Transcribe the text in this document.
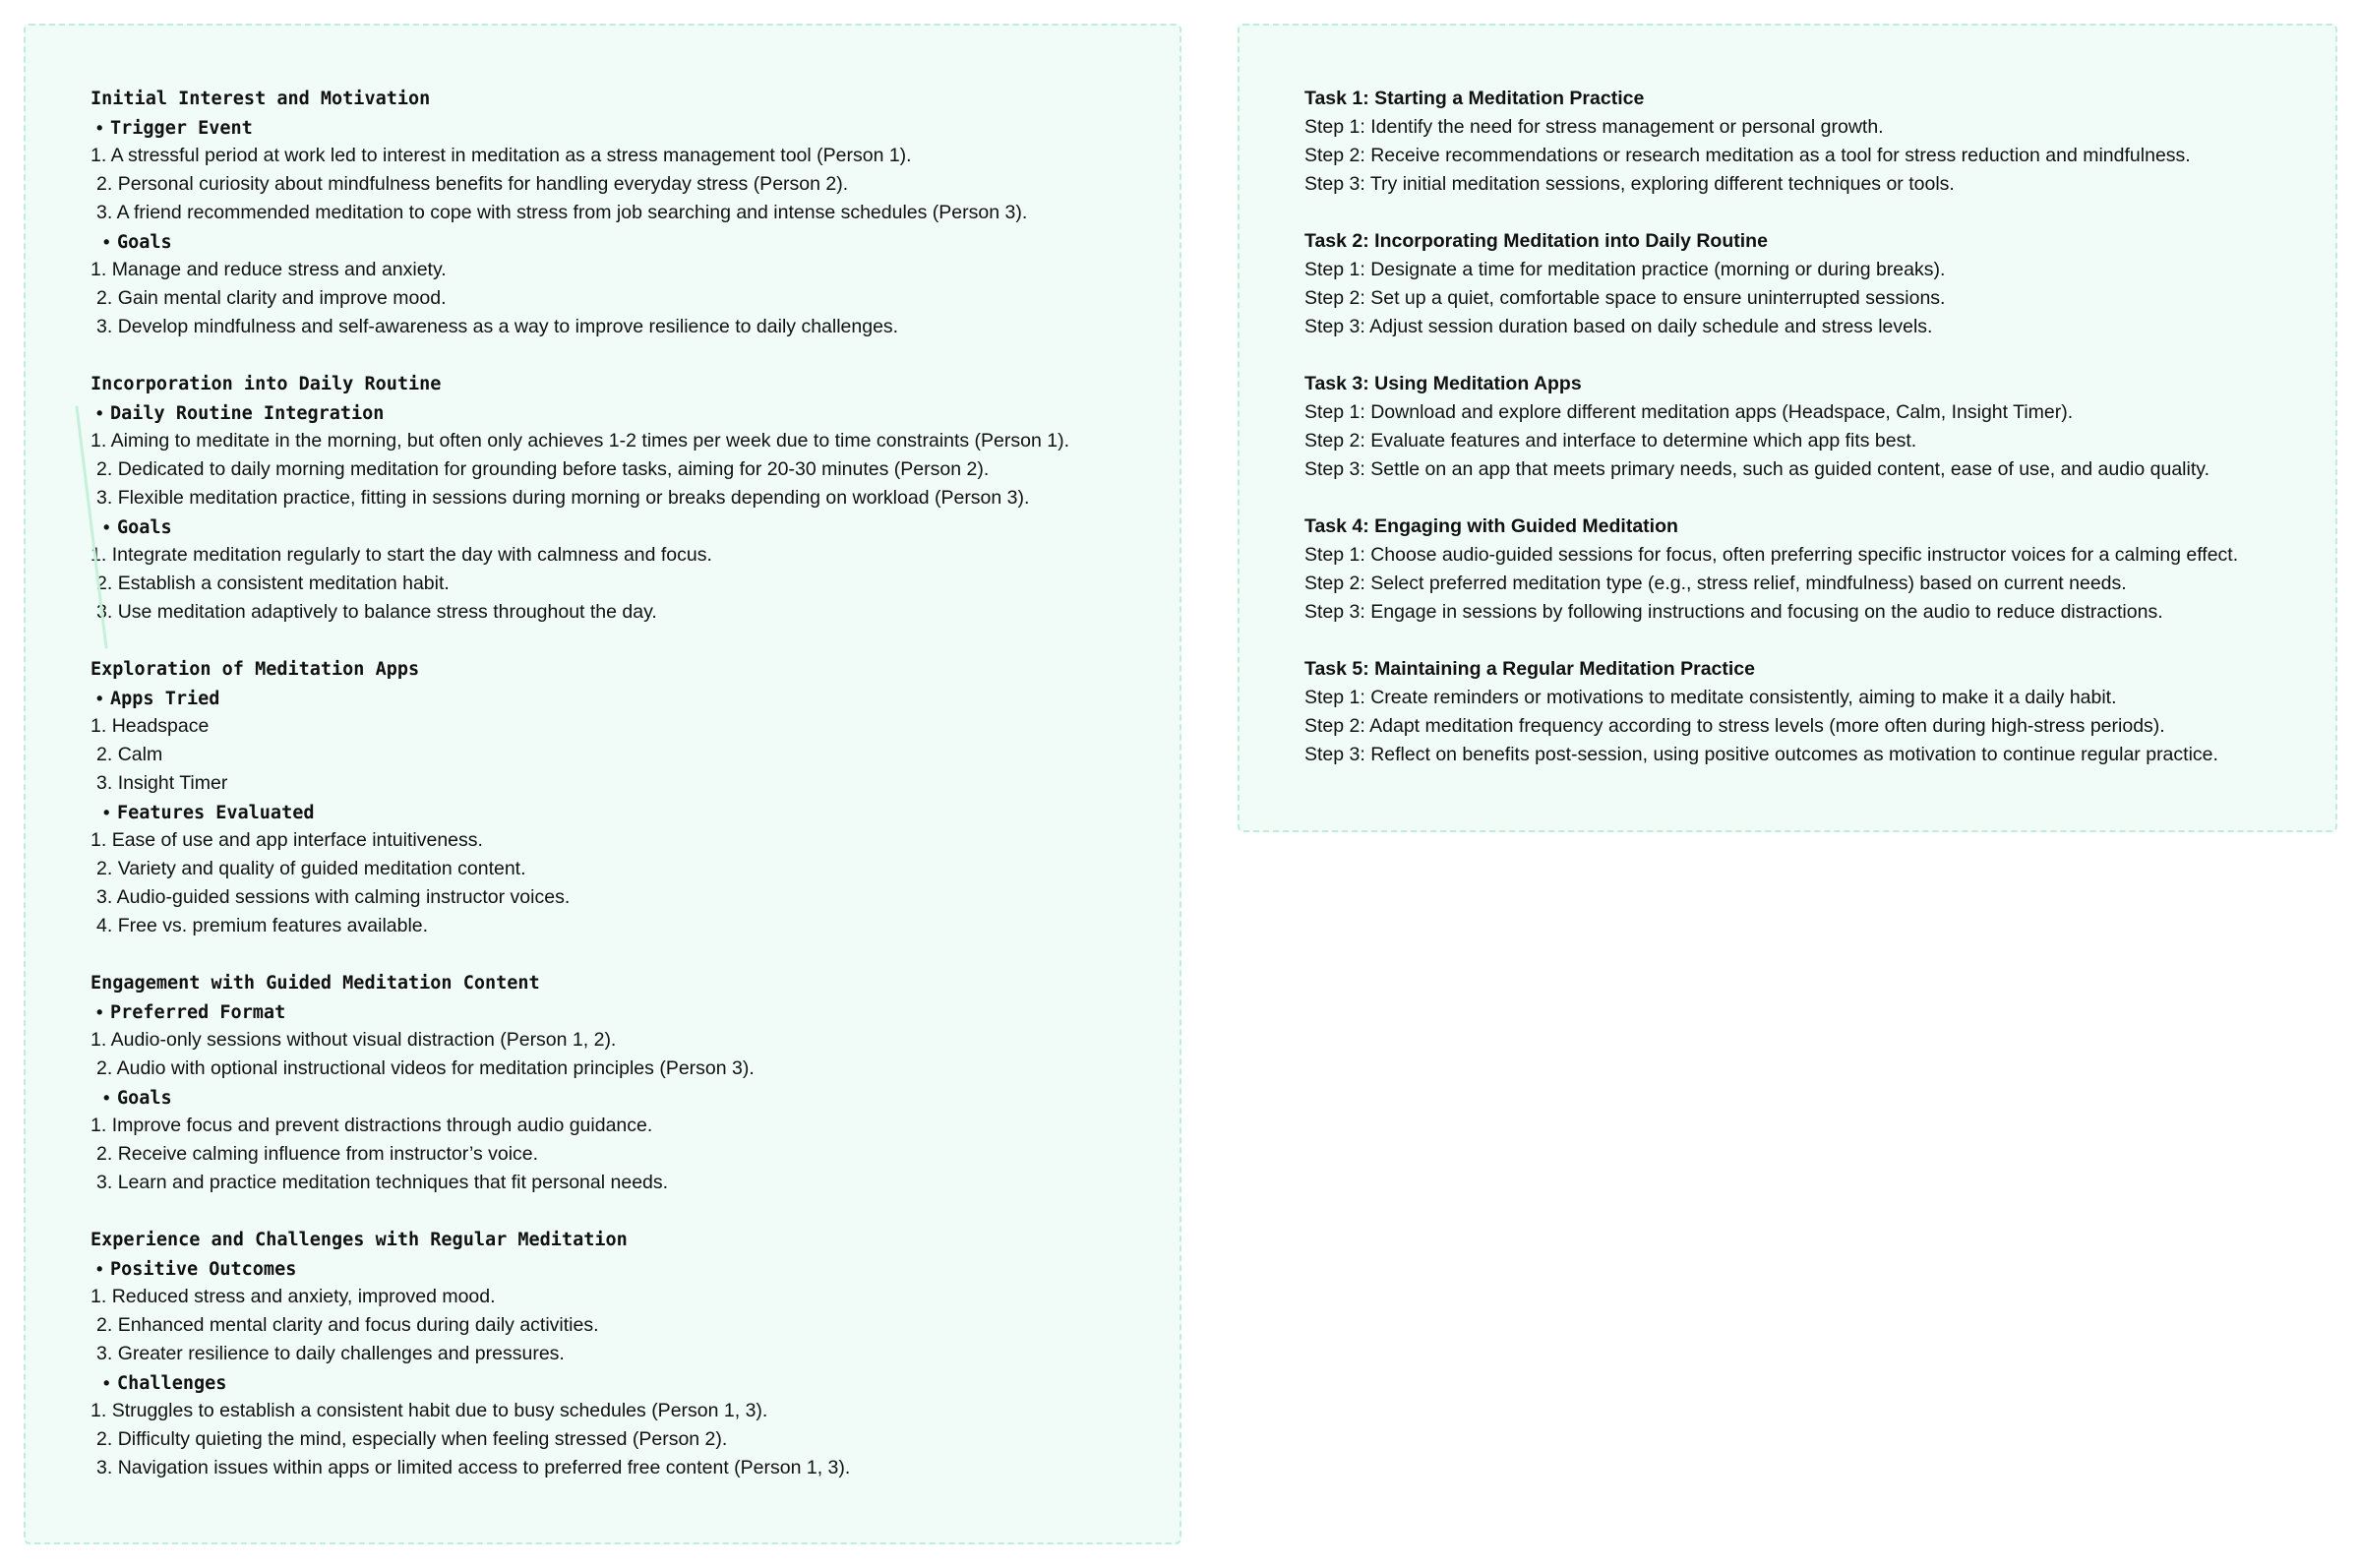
Initial Interest and Motivation
• Trigger Event
1. A stressful period at work led to interest in meditation as a stress management tool (Person 1).
2. Personal curiosity about mindfulness benefits for handling everyday stress (Person 2).
3. A friend recommended meditation to cope with stress from job searching and intense schedules (Person 3).
• Goals
1. Manage and reduce stress and anxiety.
2. Gain mental clarity and improve mood.
3. Develop mindfulness and self-awareness as a way to improve resilience to daily challenges.
Incorporation into Daily Routine
• Daily Routine Integration
1. Aiming to meditate in the morning, but often only achieves 1-2 times per week due to time constraints (Person 1).
2. Dedicated to daily morning meditation for grounding before tasks, aiming for 20-30 minutes (Person 2).
3. Flexible meditation practice, fitting in sessions during morning or breaks depending on workload (Person 3).
• Goals
1. Integrate meditation regularly to start the day with calmness and focus.
2. Establish a consistent meditation habit.
3. Use meditation adaptively to balance stress throughout the day.
Exploration of Meditation Apps
• Apps Tried
1. Headspace
2. Calm
3. Insight Timer
• Features Evaluated
1. Ease of use and app interface intuitiveness.
2. Variety and quality of guided meditation content.
3. Audio-guided sessions with calming instructor voices.
4. Free vs. premium features available.
Engagement with Guided Meditation Content
• Preferred Format
1. Audio-only sessions without visual distraction (Person 1, 2).
2. Audio with optional instructional videos for meditation principles (Person 3).
• Goals
1. Improve focus and prevent distractions through audio guidance.
2. Receive calming influence from instructor’s voice.
3. Learn and practice meditation techniques that fit personal needs.
Experience and Challenges with Regular Meditation
• Positive Outcomes
1. Reduced stress and anxiety, improved mood.
2. Enhanced mental clarity and focus during daily activities.
3. Greater resilience to daily challenges and pressures.
• Challenges
1. Struggles to establish a consistent habit due to busy schedules (Person 1, 3).
2. Difficulty quieting the mind, especially when feeling stressed (Person 2).
3. Navigation issues within apps or limited access to preferred free content (Person 1, 3).
Task 1: Starting a Meditation Practice
Step 1: Identify the need for stress management or personal growth.
Step 2: Receive recommendations or research meditation as a tool for stress reduction and mindfulness.
Step 3: Try initial meditation sessions, exploring different techniques or tools.
Task 2: Incorporating Meditation into Daily Routine
Step 1: Designate a time for meditation practice (morning or during breaks).
Step 2: Set up a quiet, comfortable space to ensure uninterrupted sessions.
Step 3: Adjust session duration based on daily schedule and stress levels.
Task 3: Using Meditation Apps
Step 1: Download and explore different meditation apps (Headspace, Calm, Insight Timer).
Step 2: Evaluate features and interface to determine which app fits best.
Step 3: Settle on an app that meets primary needs, such as guided content, ease of use, and audio quality.
Task 4: Engaging with Guided Meditation
Step 1: Choose audio-guided sessions for focus, often preferring specific instructor voices for a calming effect.
Step 2: Select preferred meditation type (e.g., stress relief, mindfulness) based on current needs.
Step 3: Engage in sessions by following instructions and focusing on the audio to reduce distractions.
Task 5: Maintaining a Regular Meditation Practice
Step 1: Create reminders or motivations to meditate consistently, aiming to make it a daily habit.
Step 2: Adapt meditation frequency according to stress levels (more often during high-stress periods).
Step 3: Reflect on benefits post-session, using positive outcomes as motivation to continue regular practice.
